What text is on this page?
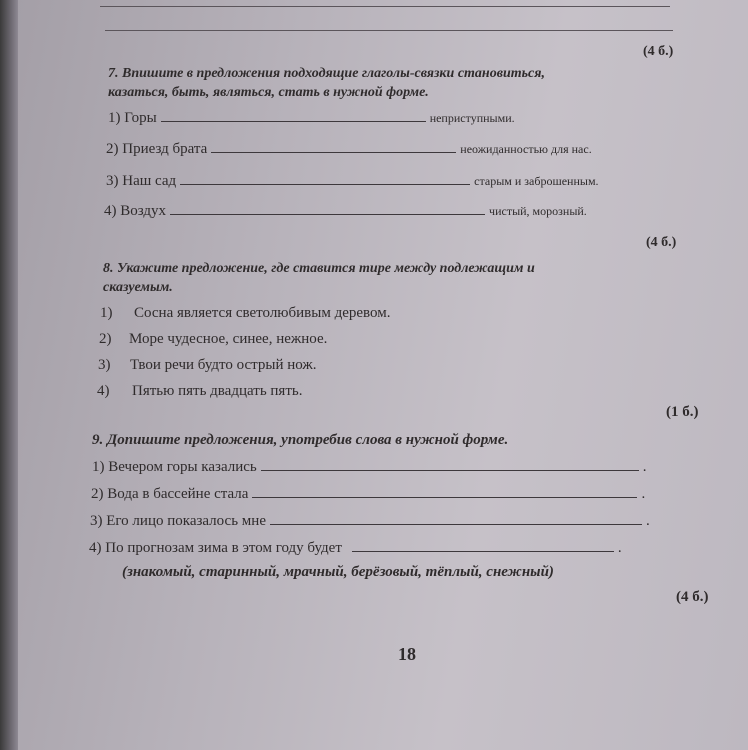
(4 б.)
7. Впишите в предложения подходящие глаголы-связки становиться,
казаться, быть, являться, стать в нужной форме.
1) Горы	неприступными.
2) Приезд брата	неожиданностью для нас.
3) Наш сад	старым и заброшенным.
4) Воздух	чистый, морозный.
(4 б.)
8. Укажите предложение, где ставится тире между подлежащим и
сказуемым.
1) Сосна является светолюбивым деревом.
2) Море чудесное, синее, нежное.
3) Твои речи будто острый нож.
4) Пятью пять двадцать пять.
(1 б.)
9. Допишите предложения, употребив слова в нужной форме.
1) Вечером горы казались	.
2) Вода в бассейне стала	.
3) Его лицо показалось мне	.
4) По прогнозам зима в этом году будет	.
(знакомый, старинный, мрачный, берёзовый, тёплый, снежный)
(4 б.)
18
